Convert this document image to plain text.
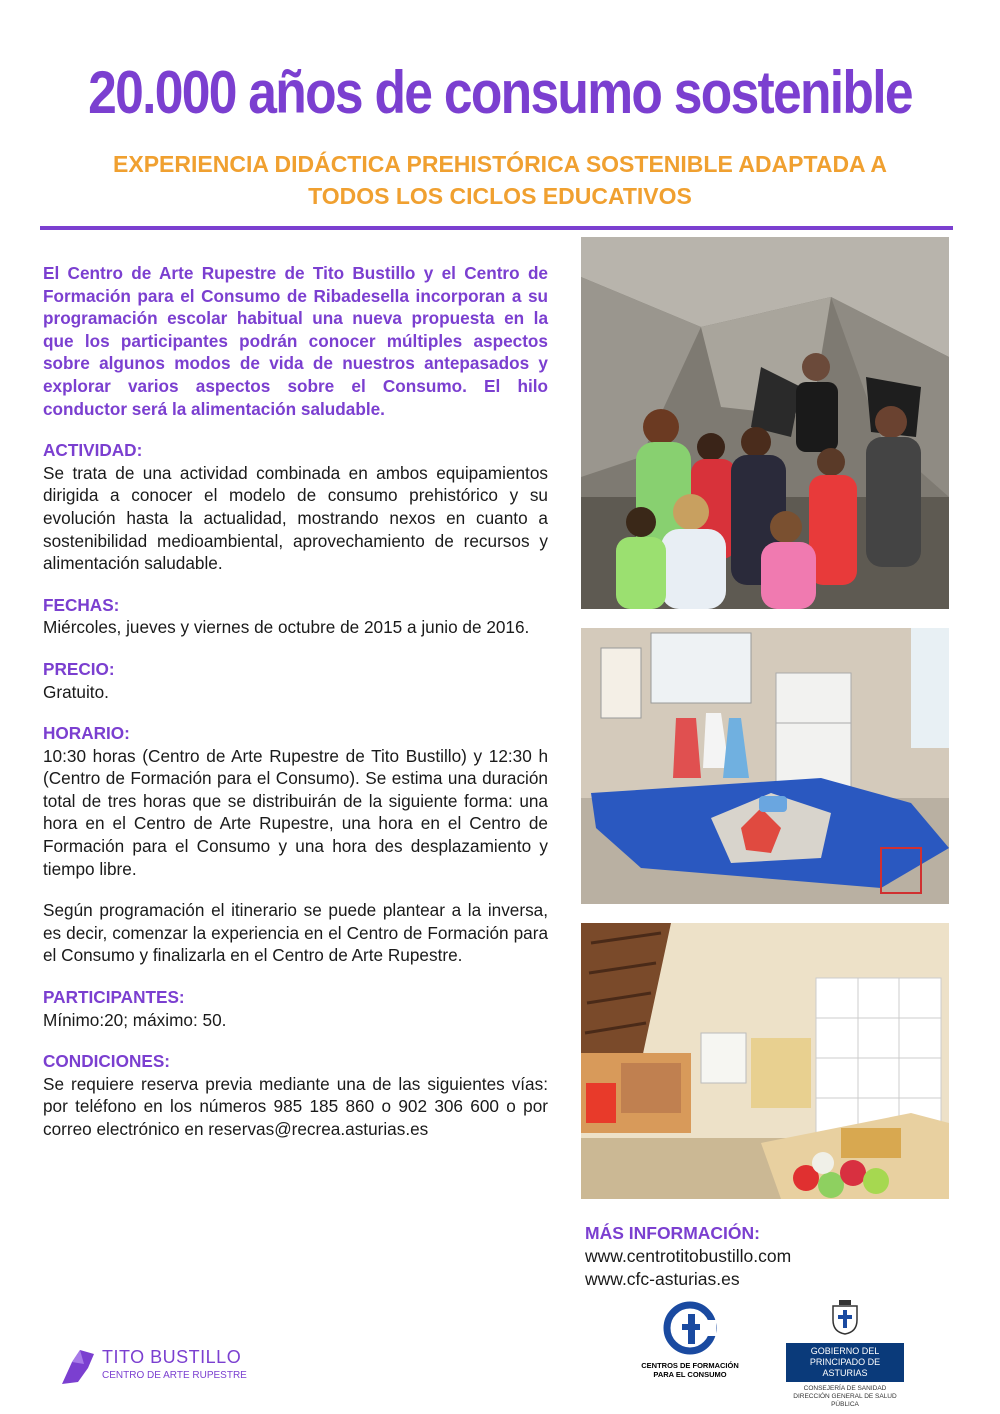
20.000 años de consumo sostenible
EXPERIENCIA DIDÁCTICA PREHISTÓRICA SOSTENIBLE ADAPTADA A
TODOS LOS CICLOS EDUCATIVOS

El Centro de Arte Rupestre de Tito Bustillo y el Centro de Formación para el Consumo de Ribadesella incorporan a su programación escolar habitual una nueva propuesta en la que los participantes podrán conocer múltiples aspectos sobre algunos modos de vida de nuestros antepasados y explorar varios aspectos sobre el Consumo. El hilo conductor será la alimentación saludable.

ACTIVIDAD:

Se trata de una actividad combinada en ambos equipamientos dirigida a conocer el modelo de consumo prehistórico y su evolución hasta la actualidad, mostrando nexos en cuanto a sostenibilidad medioambiental, aprovechamiento de recursos y alimentación saludable.

FECHAS:

Miércoles, jueves y viernes de octubre de 2015 a junio de 2016.

PRECIO:

Gratuito.

HORARIO:

10:30 horas (Centro de Arte Rupestre de Tito Bustillo) y 12:30 h (Centro de Formación para el Consumo). Se estima una duración total de tres horas que se distribuirán de la siguiente forma: una hora en el Centro de Arte Rupestre, una hora en el Centro de Formación para el Consumo y una hora des desplazamiento y tiempo libre.

Según programación el itinerario se puede plantear a la inversa, es decir, comenzar la experiencia en el Centro de Formación para el Consumo y finalizarla en el Centro de Arte Rupestre.

PARTICIPANTES:

Mínimo:20; máximo: 50.

CONDICIONES:

Se requiere reserva previa mediante una de las siguientes vías: por teléfono en los números 985 185 860 o 902 306 600 o por correo electrónico en reservas@recrea.asturias.es

MÁS INFORMACIÓN:
www.centrotitobustillo.com
www.cfc-asturias.es
TITO BUSTILLO
CENTRO DE ARTE RUPESTRE
CENTROS DE FORMACIÓN
PARA EL CONSUMO
GOBIERNO DEL
PRINCIPADO DE ASTURIAS
CONSEJERÍA DE SANIDAD
DIRECCIÓN GENERAL DE SALUD PÚBLICA
